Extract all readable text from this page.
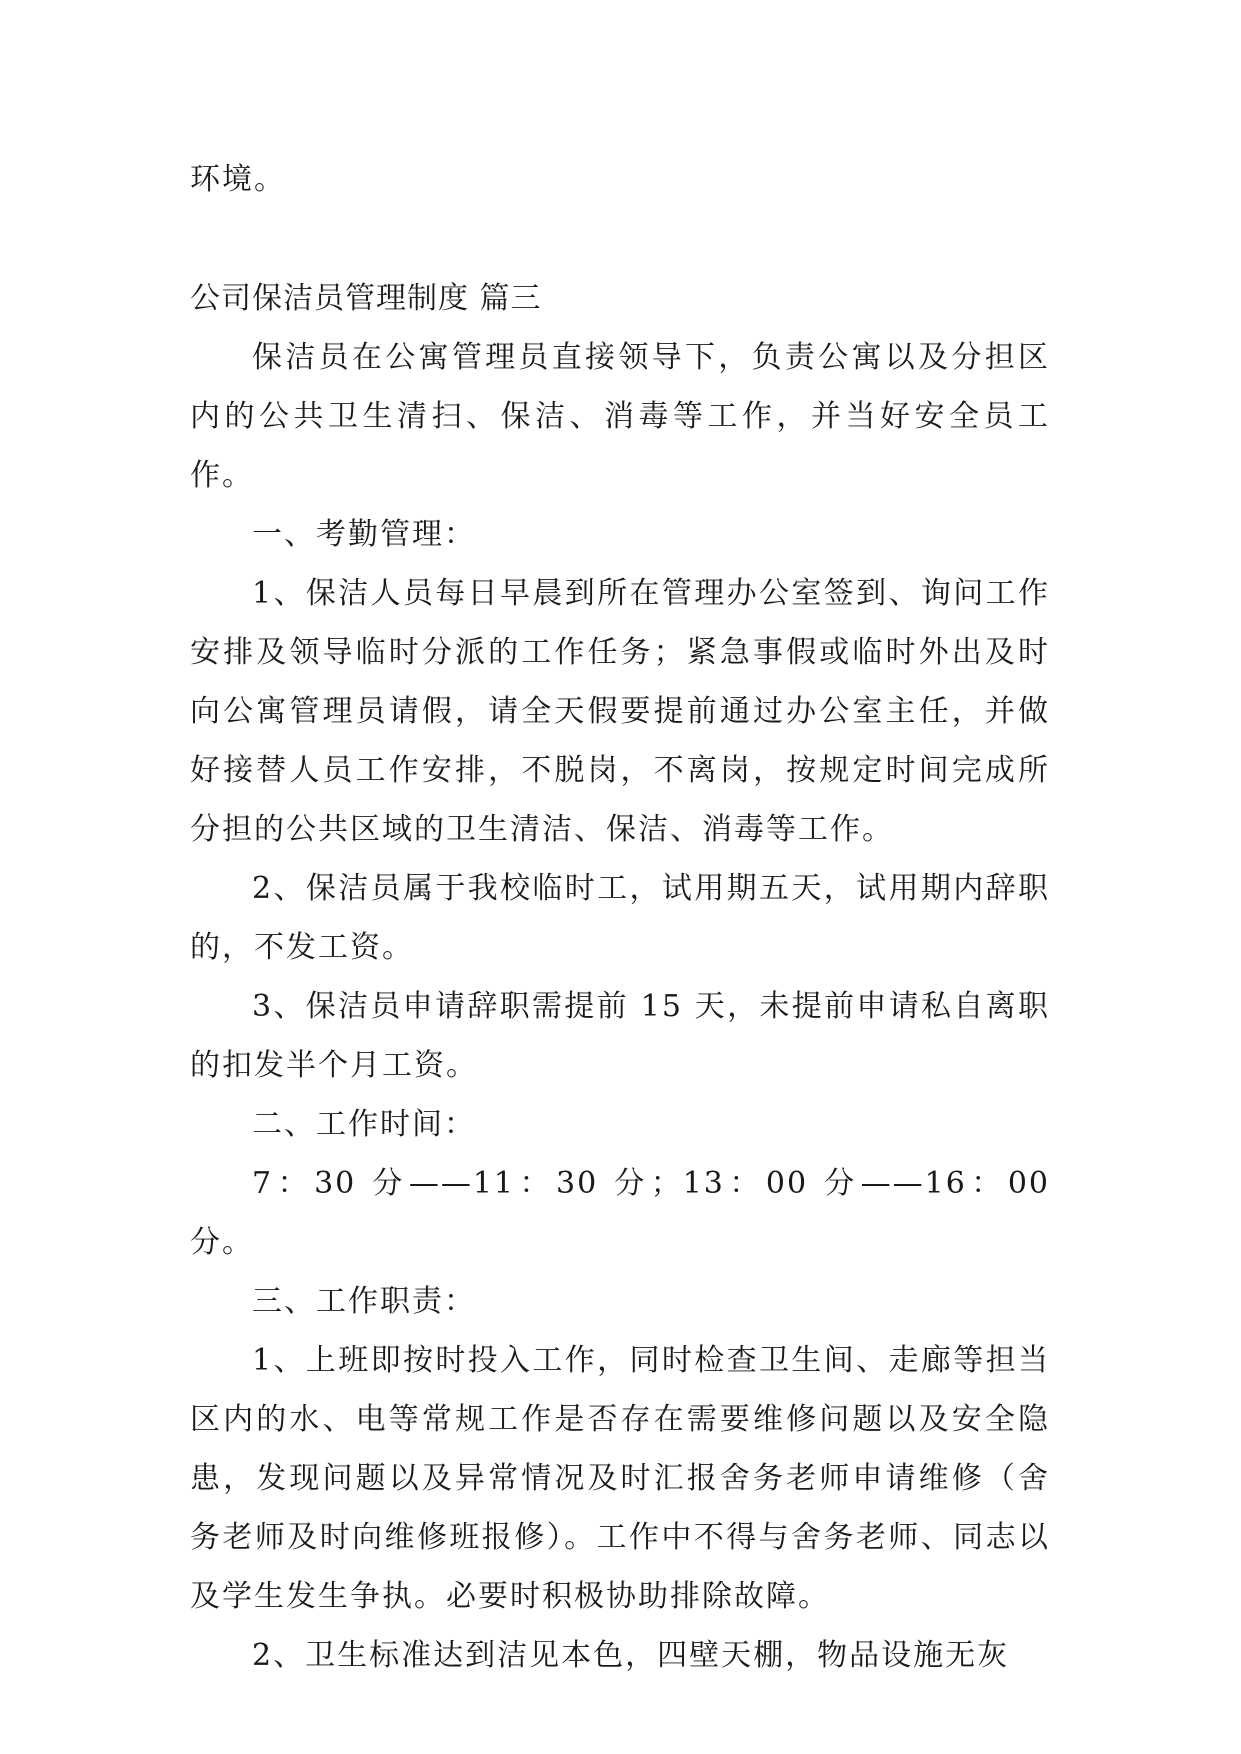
环境。

公司保洁员管理制度 篇三

保洁员在公寓管理员直接领导下，负责公寓以及分担区内的公共卫生清扫、保洁、消毒等工作，并当好安全员工作。

一、考勤管理：

1、保洁人员每日早晨到所在管理办公室签到、询问工作安排及领导临时分派的工作任务；紧急事假或临时外出及时向公寓管理员请假，请全天假要提前通过办公室主任，并做好接替人员工作安排，不脱岗，不离岗，按规定时间完成所分担的公共区域的卫生清洁、保洁、消毒等工作。

2、保洁员属于我校临时工，试用期五天，试用期内辞职的，不发工资。

3、保洁员申请辞职需提前 15 天，未提前申请私自离职的扣发半个月工资。

二、工作时间：

7：30 分——11：30 分；13：00 分——16：00 分。

三、工作职责：

1、上班即按时投入工作，同时检查卫生间、走廊等担当区内的水、电等常规工作是否存在需要维修问题以及安全隐患，发现问题以及异常情况及时汇报舍务老师申请维修（舍务老师及时向维修班报修）。工作中不得与舍务老师、同志以及学生发生争执。必要时积极协助排除故障。

2、卫生标准达到洁见本色，四壁天棚，物品设施无灰
